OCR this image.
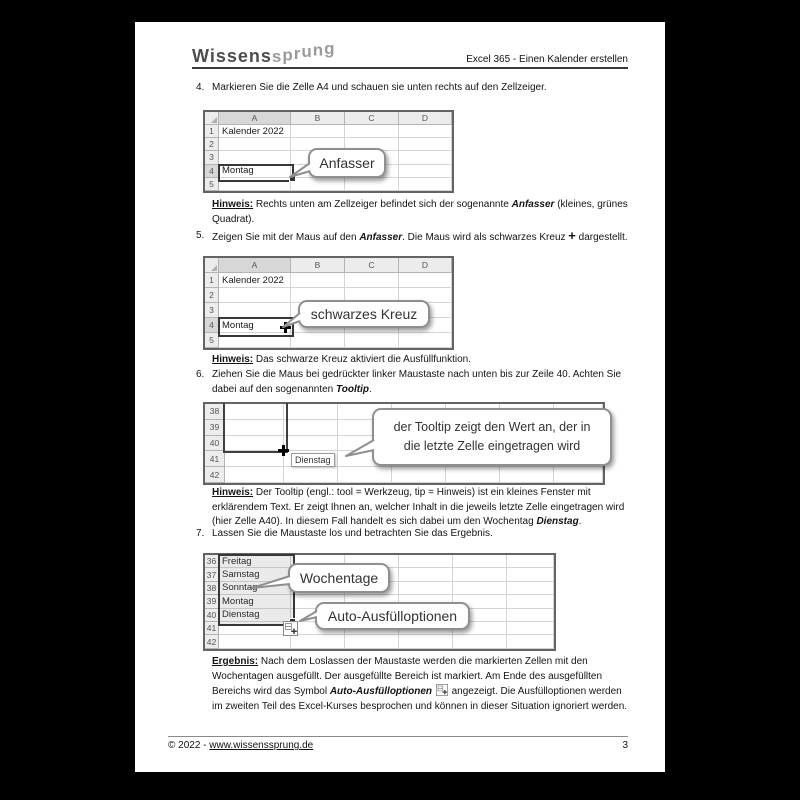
Wissenssprung
Excel 365 - Einen Kalender erstellen
4. Markieren Sie die Zelle A4 und schauen sie unten rechts auf den Zellzeiger.
Hinweis: Rechts unten am Zellzeiger befindet sich der sogenannte Anfasser (kleines, grünes
Quadrat).
5. Zeigen Sie mit der Maus auf den Anfasser. Die Maus wird als schwarzes Kreuz + dargestellt.
Hinweis: Das schwarze Kreuz aktiviert die Ausfüllfunktion.
6. Ziehen Sie die Maus bei gedrückter linker Maustaste nach unten bis zur Zeile 40. Achten Sie
dabei auf den sogenannten Tooltip.
Hinweis: Der Tooltip (engl.: tool = Werkzeug, tip = Hinweis) ist ein kleines Fenster mit
erklärendem Text. Er zeigt Ihnen an, welcher Inhalt in die jeweils letzte Zelle eingetragen wird
(hier Zelle A40). In diesem Fall handelt es sich dabei um den Wochentag Dienstag.
7. Lassen Sie die Maustaste los und betrachten Sie das Ergebnis.
Ergebnis: Nach dem Loslassen der Maustaste werden die markierten Zellen mit den
Wochentagen ausgefüllt. Der ausgefüllte Bereich ist markiert. Am Ende des ausgefüllten
Bereichs wird das Symbol Auto-Ausfülloptionen  angezeigt. Die Ausfülloptionen werden
im zweiten Teil des Excel-Kurses besprochen und können in dieser Situation ignoriert werden.
A	B	C	D
1 Kalender 2022
2
3
4 Montag
5
A	B	C	D
1 Kalender 2022
2
3
4 Montag
5
38
39
40
41
42
Dienstag
36 Freitag
37 Samstag
38 Sonntag
39 Montag
40 Dienstag
41
42
Anfasser
schwarzes Kreuz
der Tooltip zeigt den Wert an, der in
die letzte Zelle eingetragen wird
Wochentage
Auto-Ausfülloptionen
© 2022 - www.wissenssprung.de	3
